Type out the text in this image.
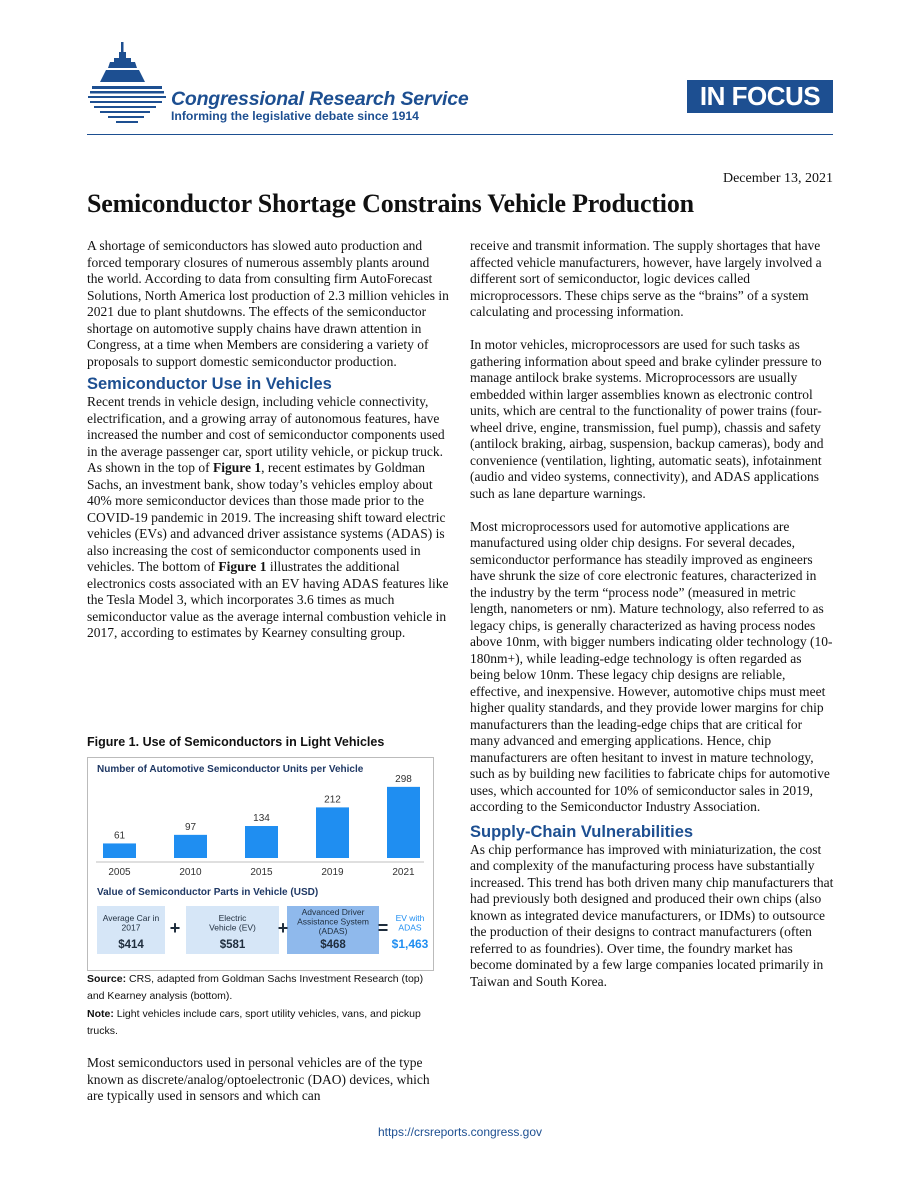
Congressional Research Service
Informing the legislative debate since 1914
IN FOCUS
December 13, 2021
Semiconductor Shortage Constrains Vehicle Production

A shortage of semiconductors has slowed auto production and forced temporary closures of numerous assembly plants around the world. According to data from consulting firm AutoForecast Solutions, North America lost production of 2.3 million vehicles in 2021 due to plant shutdowns. The effects of the semiconductor shortage on automotive supply chains have drawn attention in Congress, at a time when Members are considering a variety of proposals to support domestic semiconductor production.

Semiconductor Use in Vehicles

Recent trends in vehicle design, including vehicle connectivity, electrification, and a growing array of autonomous features, have increased the number and cost of semiconductor components used in the average passenger car, sport utility vehicle, or pickup truck. As shown in the top of Figure 1, recent estimates by Goldman Sachs, an investment bank, show today’s vehicles employ about 40% more semiconductor devices than those made prior to the COVID-19 pandemic in 2019. The increasing shift toward electric vehicles (EVs) and advanced driver assistance systems (ADAS) is also increasing the cost of semiconductor components used in vehicles. The bottom of Figure 1 illustrates the additional electronics costs associated with an EV having ADAS features like the Tesla Model 3, which incorporates 3.6 times as much semiconductor value as the average internal combustion vehicle in 2017, according to estimates by Kearney consulting group.

Figure 1. Use of Semiconductors in Light Vehicles
Number of Automotive Semiconductor Units per Vehicle
61
97
134
212
298
2005	2010	2015	2019	2021
Value of Semiconductor Parts in Vehicle (USD)
Average Car in 2017
$414
Electric Vehicle (EV)
$581
Advanced Driver Assistance System (ADAS)
$468
EV with ADAS
$1,463
+	+	=
Source: CRS, adapted from Goldman Sachs Investment Research (top) and Kearney analysis (bottom).
Note: Light vehicles include cars, sport utility vehicles, vans, and pickup trucks.

Most semiconductors used in personal vehicles are of the type known as discrete/analog/optoelectronic (DAO) devices, which are typically used in sensors and which can

receive and transmit information. The supply shortages that have affected vehicle manufacturers, however, have largely involved a different sort of semiconductor, logic devices called microprocessors. These chips serve as the “brains” of a system calculating and processing information.

In motor vehicles, microprocessors are used for such tasks as gathering information about speed and brake cylinder pressure to manage antilock brake systems. Microprocessors are usually embedded within larger assemblies known as electronic control units, which are central to the functionality of power trains (four-wheel drive, engine, transmission, fuel pump), chassis and safety (antilock braking, airbag, suspension, backup cameras), body and convenience (ventilation, lighting, automatic seats), infotainment (audio and video systems, connectivity), and ADAS applications such as lane departure warnings.

Most microprocessors used for automotive applications are manufactured using older chip designs. For several decades, semiconductor performance has steadily improved as engineers have shrunk the size of core electronic features, characterized in the industry by the term “process node” (measured in metric length, nanometers or nm). Mature technology, also referred to as legacy chips, is generally characterized as having process nodes above 10nm, with bigger numbers indicating older technology (10-180nm+), while leading-edge technology is often regarded as being below 10nm. These legacy chip designs are reliable, effective, and inexpensive. However, automotive chips must meet higher quality standards, and they provide lower margins for chip manufacturers than the leading-edge chips that are critical for many advanced and emerging applications. Hence, chip manufacturers are often hesitant to invest in mature technology, such as by building new facilities to fabricate chips for automotive uses, which accounted for 10% of semiconductor sales in 2019, according to the Semiconductor Industry Association.

Supply-Chain Vulnerabilities

As chip performance has improved with miniaturization, the cost and complexity of the manufacturing process have substantially increased. This trend has both driven many chip manufacturers that had previously both designed and produced their own chips (also known as integrated device manufacturers, or IDMs) to outsource the production of their designs to contract manufacturers (often referred to as foundries). Over time, the foundry market has become dominated by a few large companies located primarily in Taiwan and South Korea.

https://crsreports.congress.gov
